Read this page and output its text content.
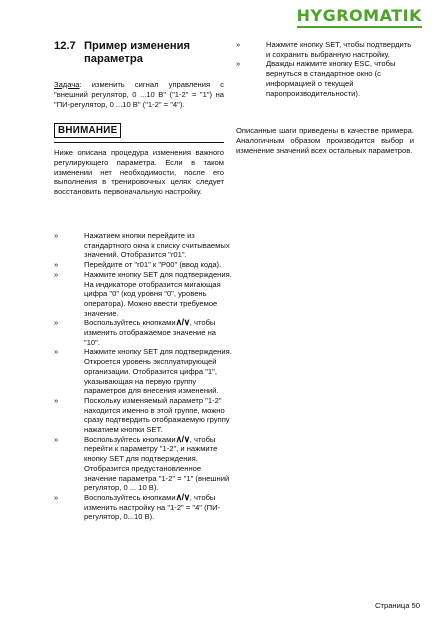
HYGROMATIK
12.7 Пример изменения параметра

Задача: изменить сигнал управления с "внешний регулятор, 0 ...10 В" ("1-2" = "1") на "ПИ-регулятор, 0 ...10 В" ("1-2" = "4").

ВНИМАНИЕ

Ниже описана процедура изменения важного регулирующего параметра. Если в таком изменении нет необходимости, после его выполнения в тренировочных целях следует восстановить первоначальную настройку.

»	Нажатием кнопки перейдите из стандартного окна к списку считываемых значений. Отобразится "r01".
»	Перейдите от "r01" к "P00" (ввод кода).
»	Нажмите кнопку SET для подтверждения. На индикаторе отобразится мигающая цифра "0" (код уровня "0", уровень оператора). Можно ввести требуемое значение.
»	Воспользуйтесь кнопками∧/∨, чтобы изменить отображаемое значение на "10".
»	Нажмите кнопку SET для подтверждения. Откроется уровень эксплуатирующей организации. Отобразится цифра "1", указывающая на первую группу параметров для внесения изменений.
»	Поскольку изменяемый параметр "1-2" находится именно в этой группе, можно сразу подтвердить отображаемую группу нажатием кнопки SET.
»	Воспользуйтесь кнопками∧/∨, чтобы перейти к параметру "1-2", и нажмите кнопку SET для подтверждения. Отобразится предустановленное значение параметра "1-2" = "1" (внешний регулятор, 0 ... 10 В).
»	Воспользуйтесь кнопками∧/∨, чтобы изменить настройку на "1-2" = "4" (ПИ-регулятор, 0...10 В).
»	Нажмите кнопку SET, чтобы подтвердить и сохранить выбранную настройку.
»	Дважды нажмите кнопку ESC, чтобы вернуться в стандартное окно (с информацией о текущей паропроизводительности).

Описанные шаги приведены в качестве примера. Аналогичным образом производится выбор и изменение значений всех остальных параметров.

Страница 50
